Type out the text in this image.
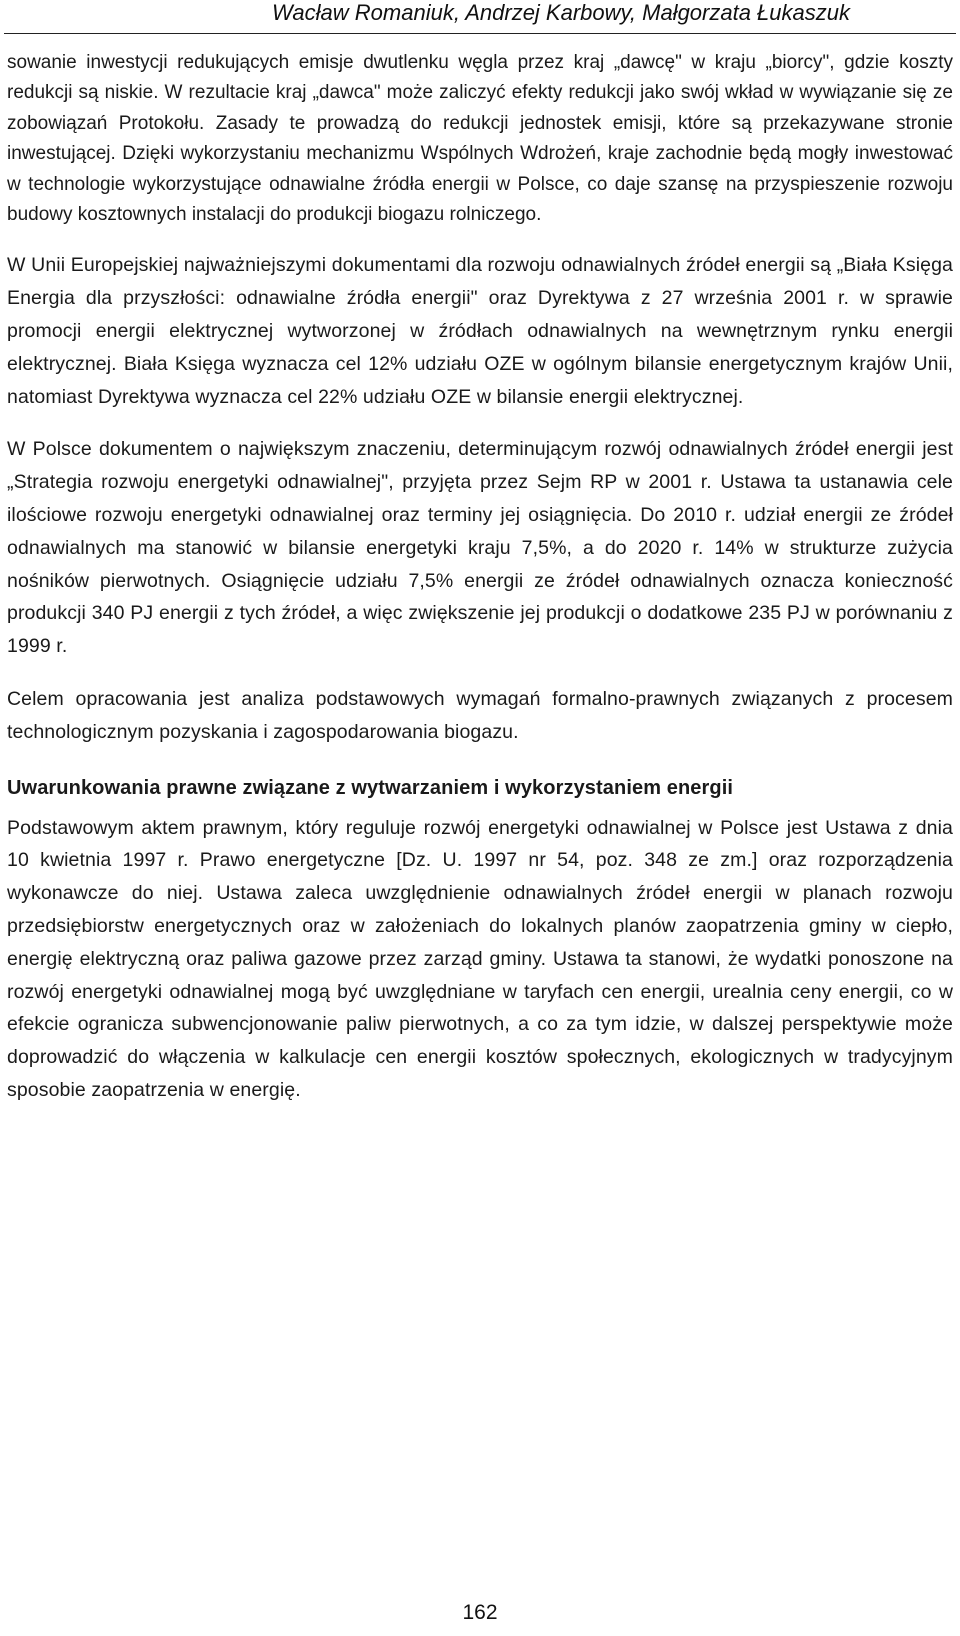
Wacław Romaniuk, Andrzej Karbowy, Małgorzata Łukaszuk

sowanie inwestycji redukujących emisje dwutlenku węgla przez kraj „dawcę" w kraju „biorcy", gdzie koszty redukcji są niskie. W rezultacie kraj „dawca" może zaliczyć efekty redukcji jako swój wkład w wywiązanie się ze zobowiązań Protokołu. Zasady te prowadzą do redukcji jednostek emisji, które są przekazywane stronie inwestującej. Dzięki wykorzystaniu mechanizmu Wspólnych Wdrożeń, kraje zachodnie będą mogły inwestować w technologie wykorzystujące odnawialne źródła energii w Polsce, co daje szansę na przyspieszenie rozwoju budowy kosztownych instalacji do produkcji biogazu rolniczego.

W Unii Europejskiej najważniejszymi dokumentami dla rozwoju odnawialnych źródeł energii są „Biała Księga Energia dla przyszłości: odnawialne źródła energii" oraz Dyrektywa z 27 września 2001 r. w sprawie promocji energii elektrycznej wytworzonej w źródłach odnawialnych na wewnętrznym rynku energii elektrycznej. Biała Księga wyznacza cel 12% udziału OZE w ogólnym bilansie energetycznym krajów Unii, natomiast Dyrektywa wyznacza cel 22% udziału OZE w bilansie energii elektrycznej.

W Polsce dokumentem o największym znaczeniu, determinującym rozwój odnawialnych źródeł energii jest „Strategia rozwoju energetyki odnawialnej", przyjęta przez Sejm RP w 2001 r. Ustawa ta ustanawia cele ilościowe rozwoju energetyki odnawialnej oraz terminy jej osiągnięcia. Do 2010 r. udział energii ze źródeł odnawialnych ma stanowić w bilansie energetyki kraju 7,5%, a do 2020 r. 14% w strukturze zużycia nośników pierwotnych. Osiągnięcie udziału 7,5% energii ze źródeł odnawialnych oznacza konieczność produkcji 340 PJ energii z tych źródeł, a więc zwiększenie jej produkcji o dodatkowe 235 PJ w porównaniu z 1999 r.

Celem opracowania jest analiza podstawowych wymagań formalno-prawnych związanych z procesem technologicznym pozyskania i zagospodarowania biogazu.

Uwarunkowania prawne związane z wytwarzaniem i wykorzystaniem energii

Podstawowym aktem prawnym, który reguluje rozwój energetyki odnawialnej w Polsce jest Ustawa z dnia 10 kwietnia 1997 r. Prawo energetyczne [Dz. U. 1997 nr 54, poz. 348 ze zm.] oraz rozporządzenia wykonawcze do niej. Ustawa zaleca uwzględnienie odnawialnych źródeł energii w planach rozwoju przedsiębiorstw energetycznych oraz w założeniach do lokalnych planów zaopatrzenia gminy w ciepło, energię elektryczną oraz paliwa gazowe przez zarząd gminy. Ustawa ta stanowi, że wydatki ponoszone na rozwój energetyki odnawialnej mogą być uwzględniane w taryfach cen energii, urealnia ceny energii, co w efekcie ogranicza subwencjonowanie paliw pierwotnych, a co za tym idzie, w dalszej perspektywie może doprowadzić do włączenia w kalkulacje cen energii kosztów społecznych, ekologicznych w tradycyjnym sposobie zaopatrzenia w energię.

162
